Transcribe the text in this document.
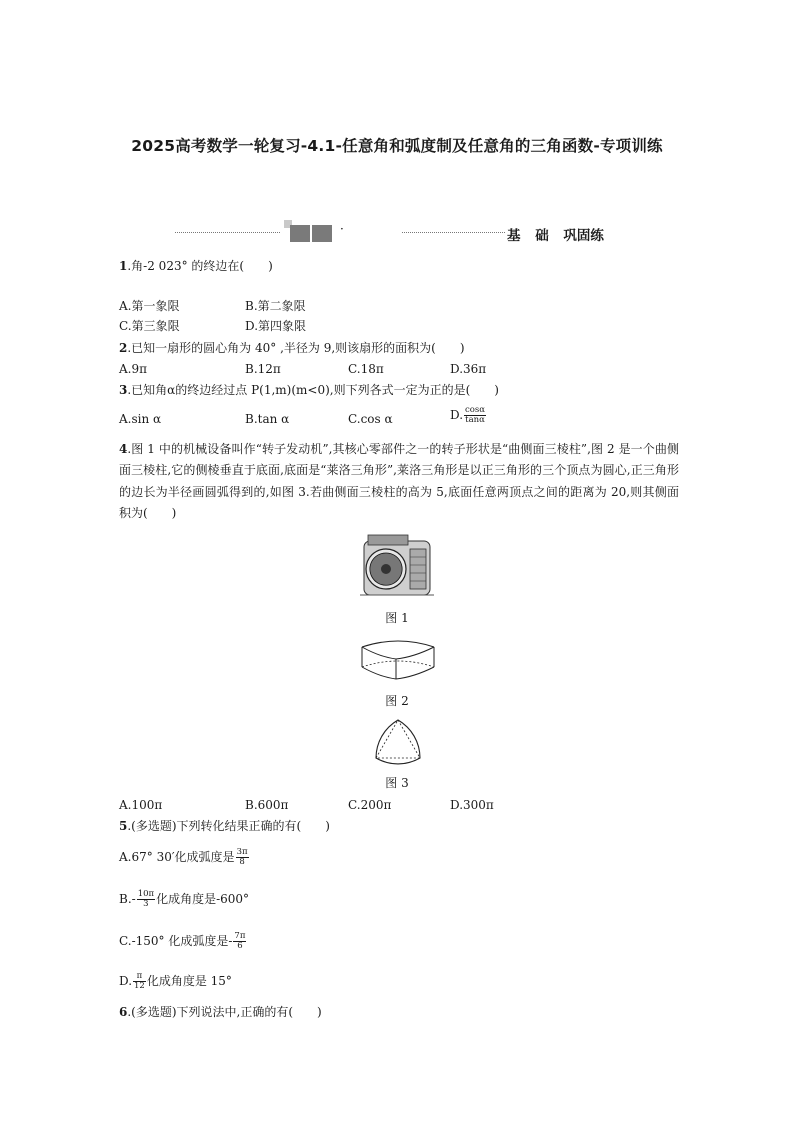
2025高考数学一轮复习-4.1-任意角和弧度制及任意角的三角函数-专项训练
·	基 础 巩固练
1.角-2 023° 的终边在(　　)
A.第一象限	B.第二象限
C.第三象限	D.第四象限
2.已知一扇形的圆心角为 40° ,半径为 9,则该扇形的面积为(　　)
A.9π	B.12π	C.18π	D.36π
3.已知角α的终边经过点 P(1,m)(m<0),则下列各式一定为正的是(　　)
A.sin α	B.tan α	C.cos α	D. $\frac{\cos\alpha}{\tan\alpha}$
4.图 1 中的机械设备叫作“转子发动机”,其核心零部件之一的转子形状是“曲侧面三棱柱”,图 2 是一个曲侧面三棱柱,它的侧棱垂直于底面,底面是“莱洛三角形”,莱洛三角形是以正三角形的三个顶点为圆心,正三角形的边长为半径画圆弧得到的,如图 3.若曲侧面三棱柱的高为 5,底面任意两顶点之间的距离为 20,则其侧面积为(　　)
图 1
图 2
图 3
A.100π	B.600π	C.200π	D.300π
5.(多选题)下列转化结果正确的有(　　)
A.67° 30′化成弧度是 $\frac{3\pi}{8}$
$B.- \frac{10\pi}{3}$ 化成角度是-600°
C.-150° 化成弧度是- $\frac{7\pi}{6}$
D. $\frac{\pi}{12}$ 化成角度是 15°
6.(多选题)下列说法中,正确的有(　　)
